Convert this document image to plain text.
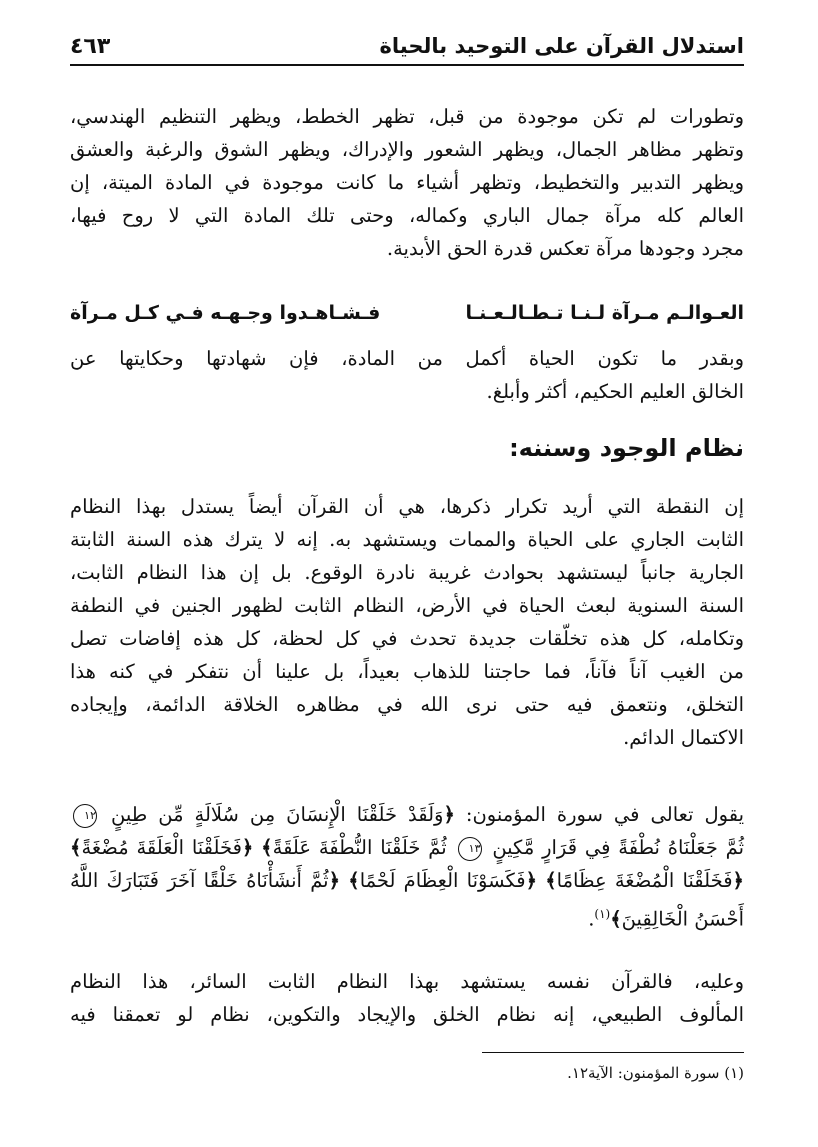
استدلال القرآن على التوحيد بالحياة
٤٦٣

وتطورات لم تكن موجودة من قبل، تظهر الخطط، ويظهر التنظيم الهندسي،

وتظهر مظاهر الجمال، ويظهر الشعور والإدراك، ويظهر الشوق والرغبة والعشق

ويظهر التدبير والتخطيط، وتظهر أشياء ما كانت موجودة في المادة الميتة، إن

العالم كله مرآة جمال الباري وكماله، وحتى تلك المادة التي لا روح فيها،

مجرد وجودها مرآة تعكس قدرة الحق الأبدية.

العـوالـم مـرآة لـنـا تـطـالـعـنـا
فـشـاهـدوا وجـهـه فـي كـل مـرآة

وبقدر ما تكون الحياة أكمل من المادة، فإن شهادتها وحكايتها عن

الخالق العليم الحكيم، أكثر وأبلغ.

نظام الوجود وسننه:

إن النقطة التي أريد تكرار ذكرها، هي أن القرآن أيضاً يستدل بهذا النظام

الثابت الجاري على الحياة والممات ويستشهد به. إنه لا يترك هذه السنة الثابتة

الجارية جانباً ليستشهد بحوادث غريبة نادرة الوقوع. بل إن هذا النظام الثابت،

السنة السنوية لبعث الحياة في الأرض، النظام الثابت لظهور الجنين في النطفة

وتكامله، كل هذه تخلّقات جديدة تحدث في كل لحظة، كل هذه إفاضات تصل

من الغيب آناً فآناً، فما حاجتنا للذهاب بعيداً، بل علينا أن نتفكر في كنه هذا

التخلق، ونتعمق فيه حتى نرى الله في مظاهره الخلاقة الدائمة، وإيجاده

الاكتمال الدائم.

يقول تعالى في سورة المؤمنون: ﴿وَلَقَدْ خَلَقْنَا الْإِنسَانَ مِن سُلَالَةٍ مِّن طِينٍ ١٢

ثُمَّ جَعَلْنَاهُ نُطْفَةً فِي قَرَارٍ مَّكِينٍ ١٣ ثُمَّ خَلَقْنَا النُّطْفَةَ عَلَقَةً﴾ ﴿فَخَلَقْنَا الْعَلَقَةَ مُضْغَةً﴾

﴿فَخَلَقْنَا الْمُضْغَةَ عِظَامًا﴾ ﴿فَكَسَوْنَا الْعِظَامَ لَحْمًا﴾ ﴿ثُمَّ أَنشَأْنَاهُ خَلْقًا آخَرَ فَتَبَارَكَ اللَّهُ

أَحْسَنُ الْخَالِقِينَ﴾$^{(١)}$.

وعليه، فالقرآن نفسه يستشهد بهذا النظام الثابت السائر، هذا النظام

المألوف الطبيعي، إنه نظام الخلق والإيجاد والتكوين، نظام لو تعمقنا فيه

(١) سورة المؤمنون: الآية١٢.
